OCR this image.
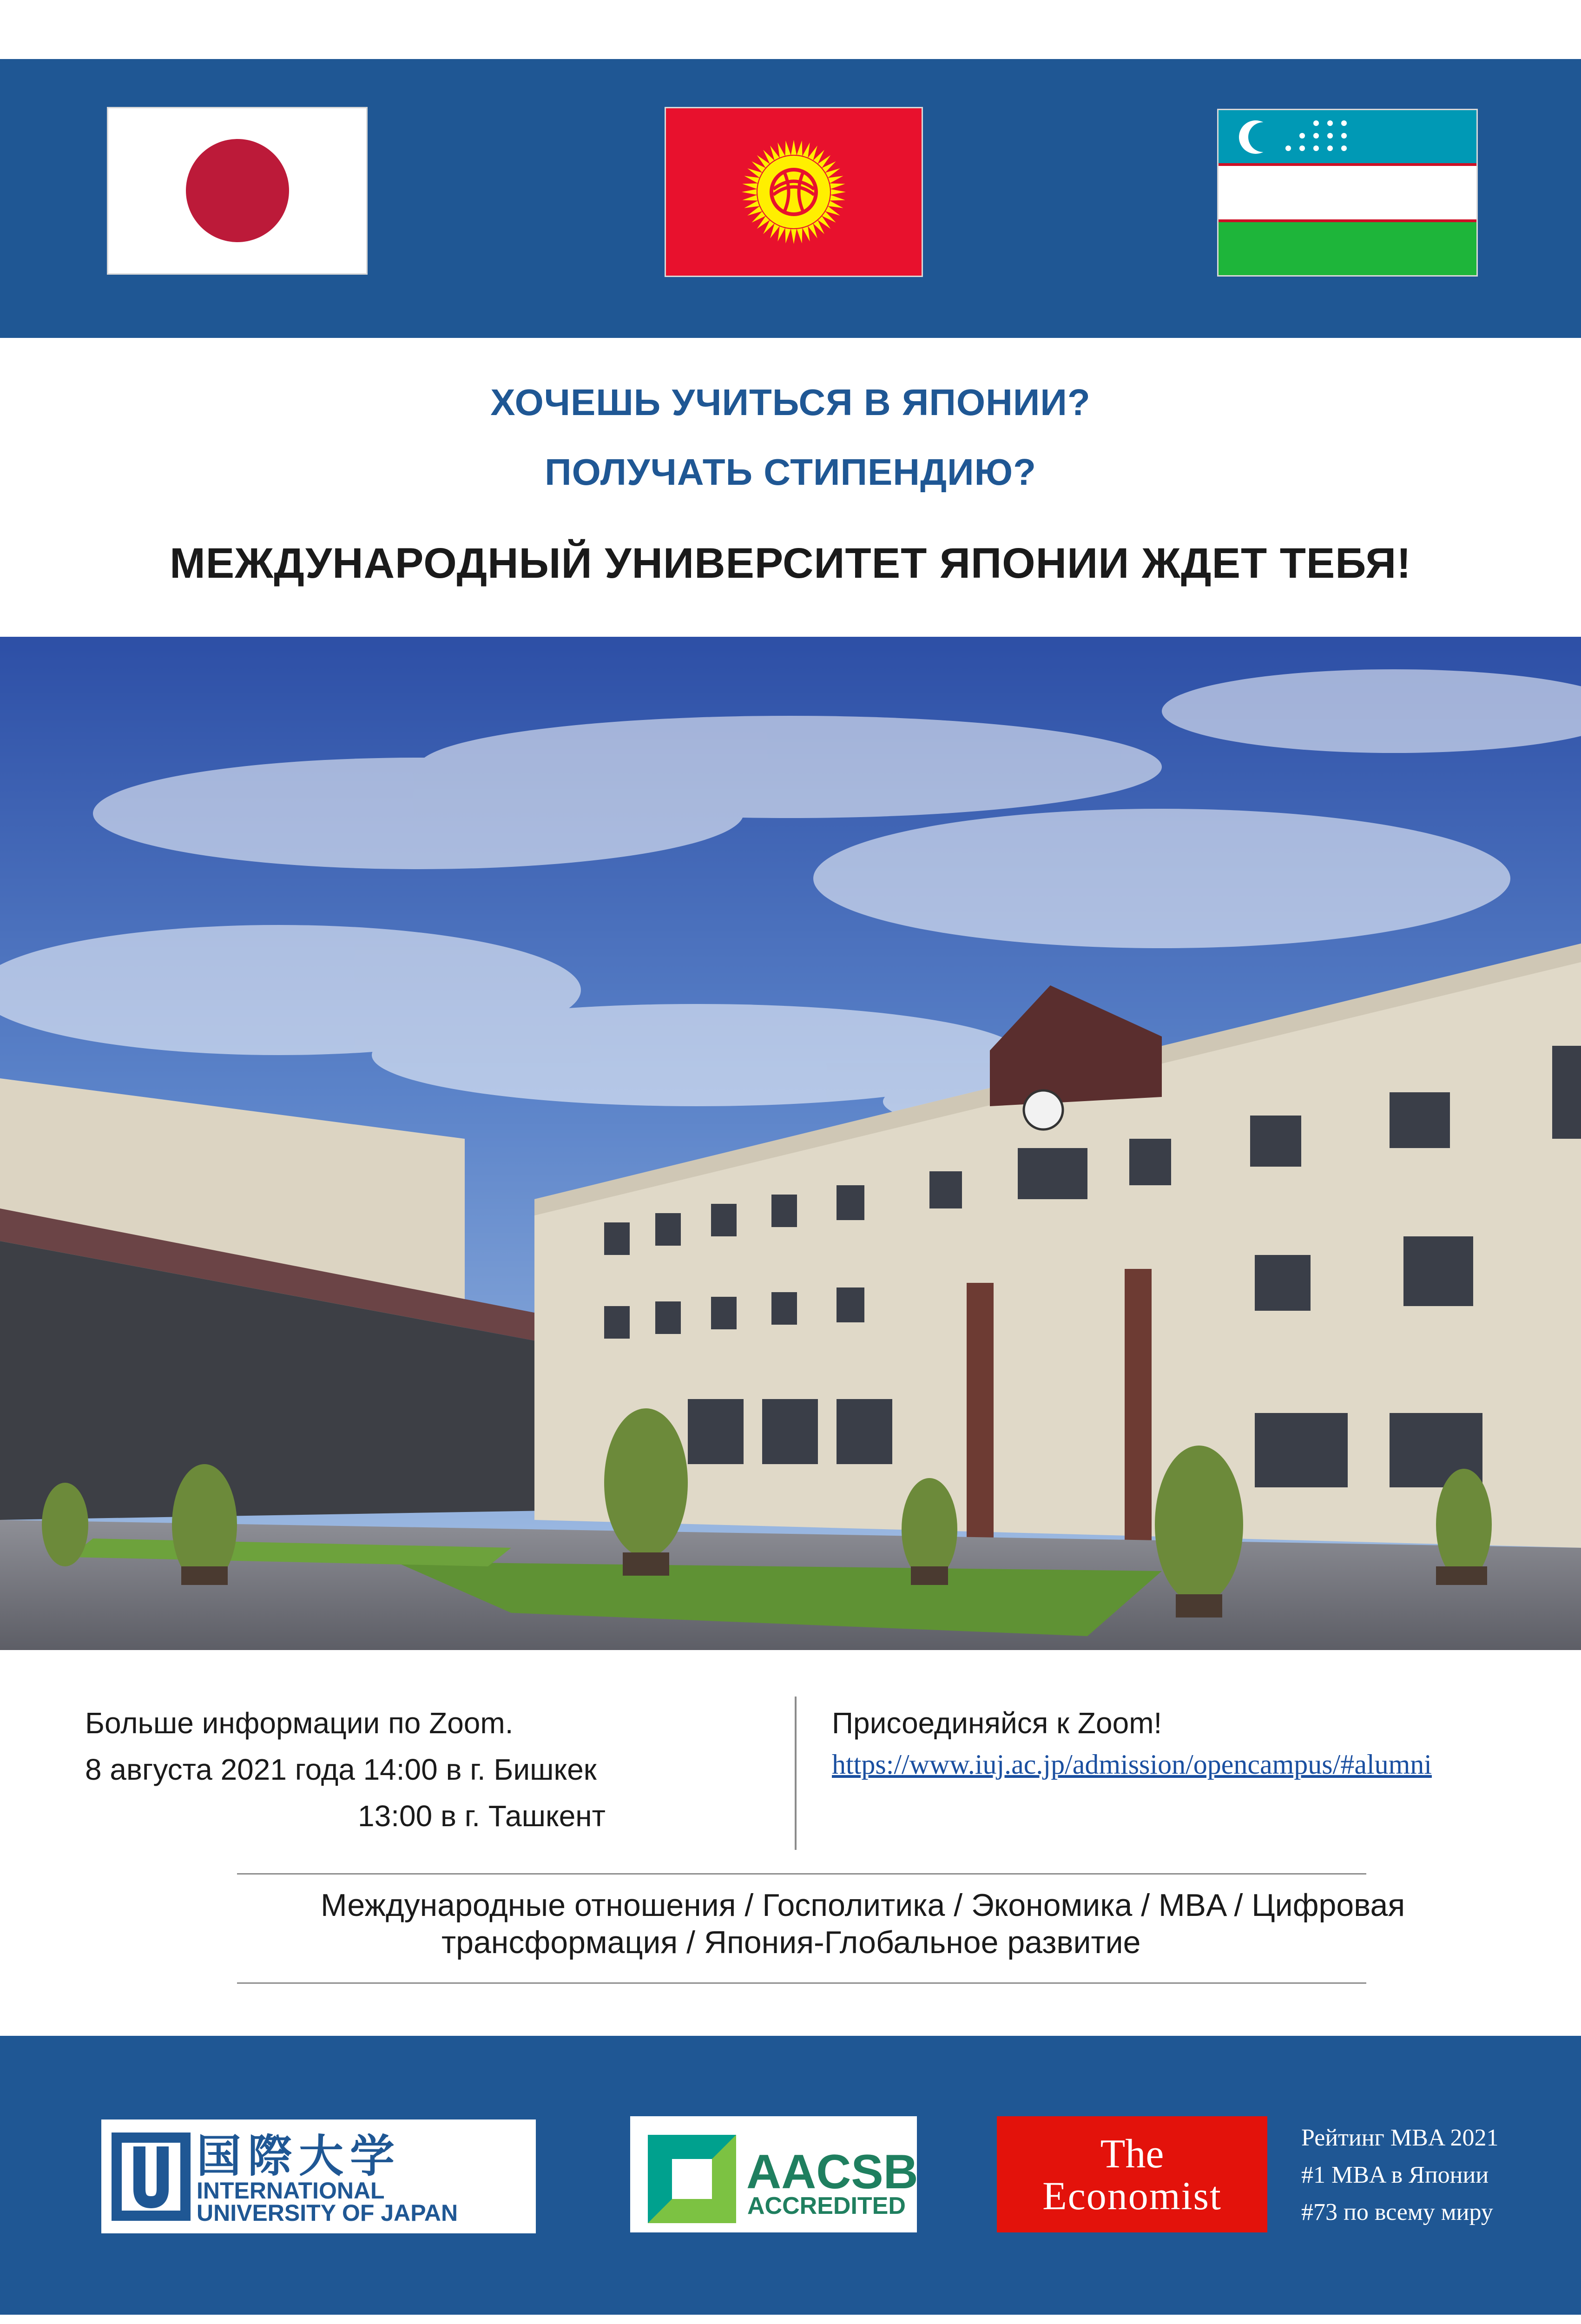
ХОЧЕШЬ УЧИТЬСЯ В ЯПОНИИ?
ПОЛУЧАТЬ СТИПЕНДИЮ?
МЕЖДУНАРОДНЫЙ УНИВЕРСИТЕТ ЯПОНИИ ЖДЕТ ТЕБЯ!
Больше информации по Zoom.
8 августа 2021 года 14:00 в г. Бишкек
13:00 в г. Ташкент
Присоединяйся к Zoom!
https://www.iuj.ac.jp/admission/opencampus/#alumni
Международные отношения / Госполитика / Экономика / MBA / Цифровая
трансформация / Япония-Глобальное развитие
国際大学
INTERNATIONAL
UNIVERSITY OF JAPAN
AACSB
ACCREDITED
The
Economist
Рейтинг MBA 2021
#1 MBA в Японии
#73 по всему миру
